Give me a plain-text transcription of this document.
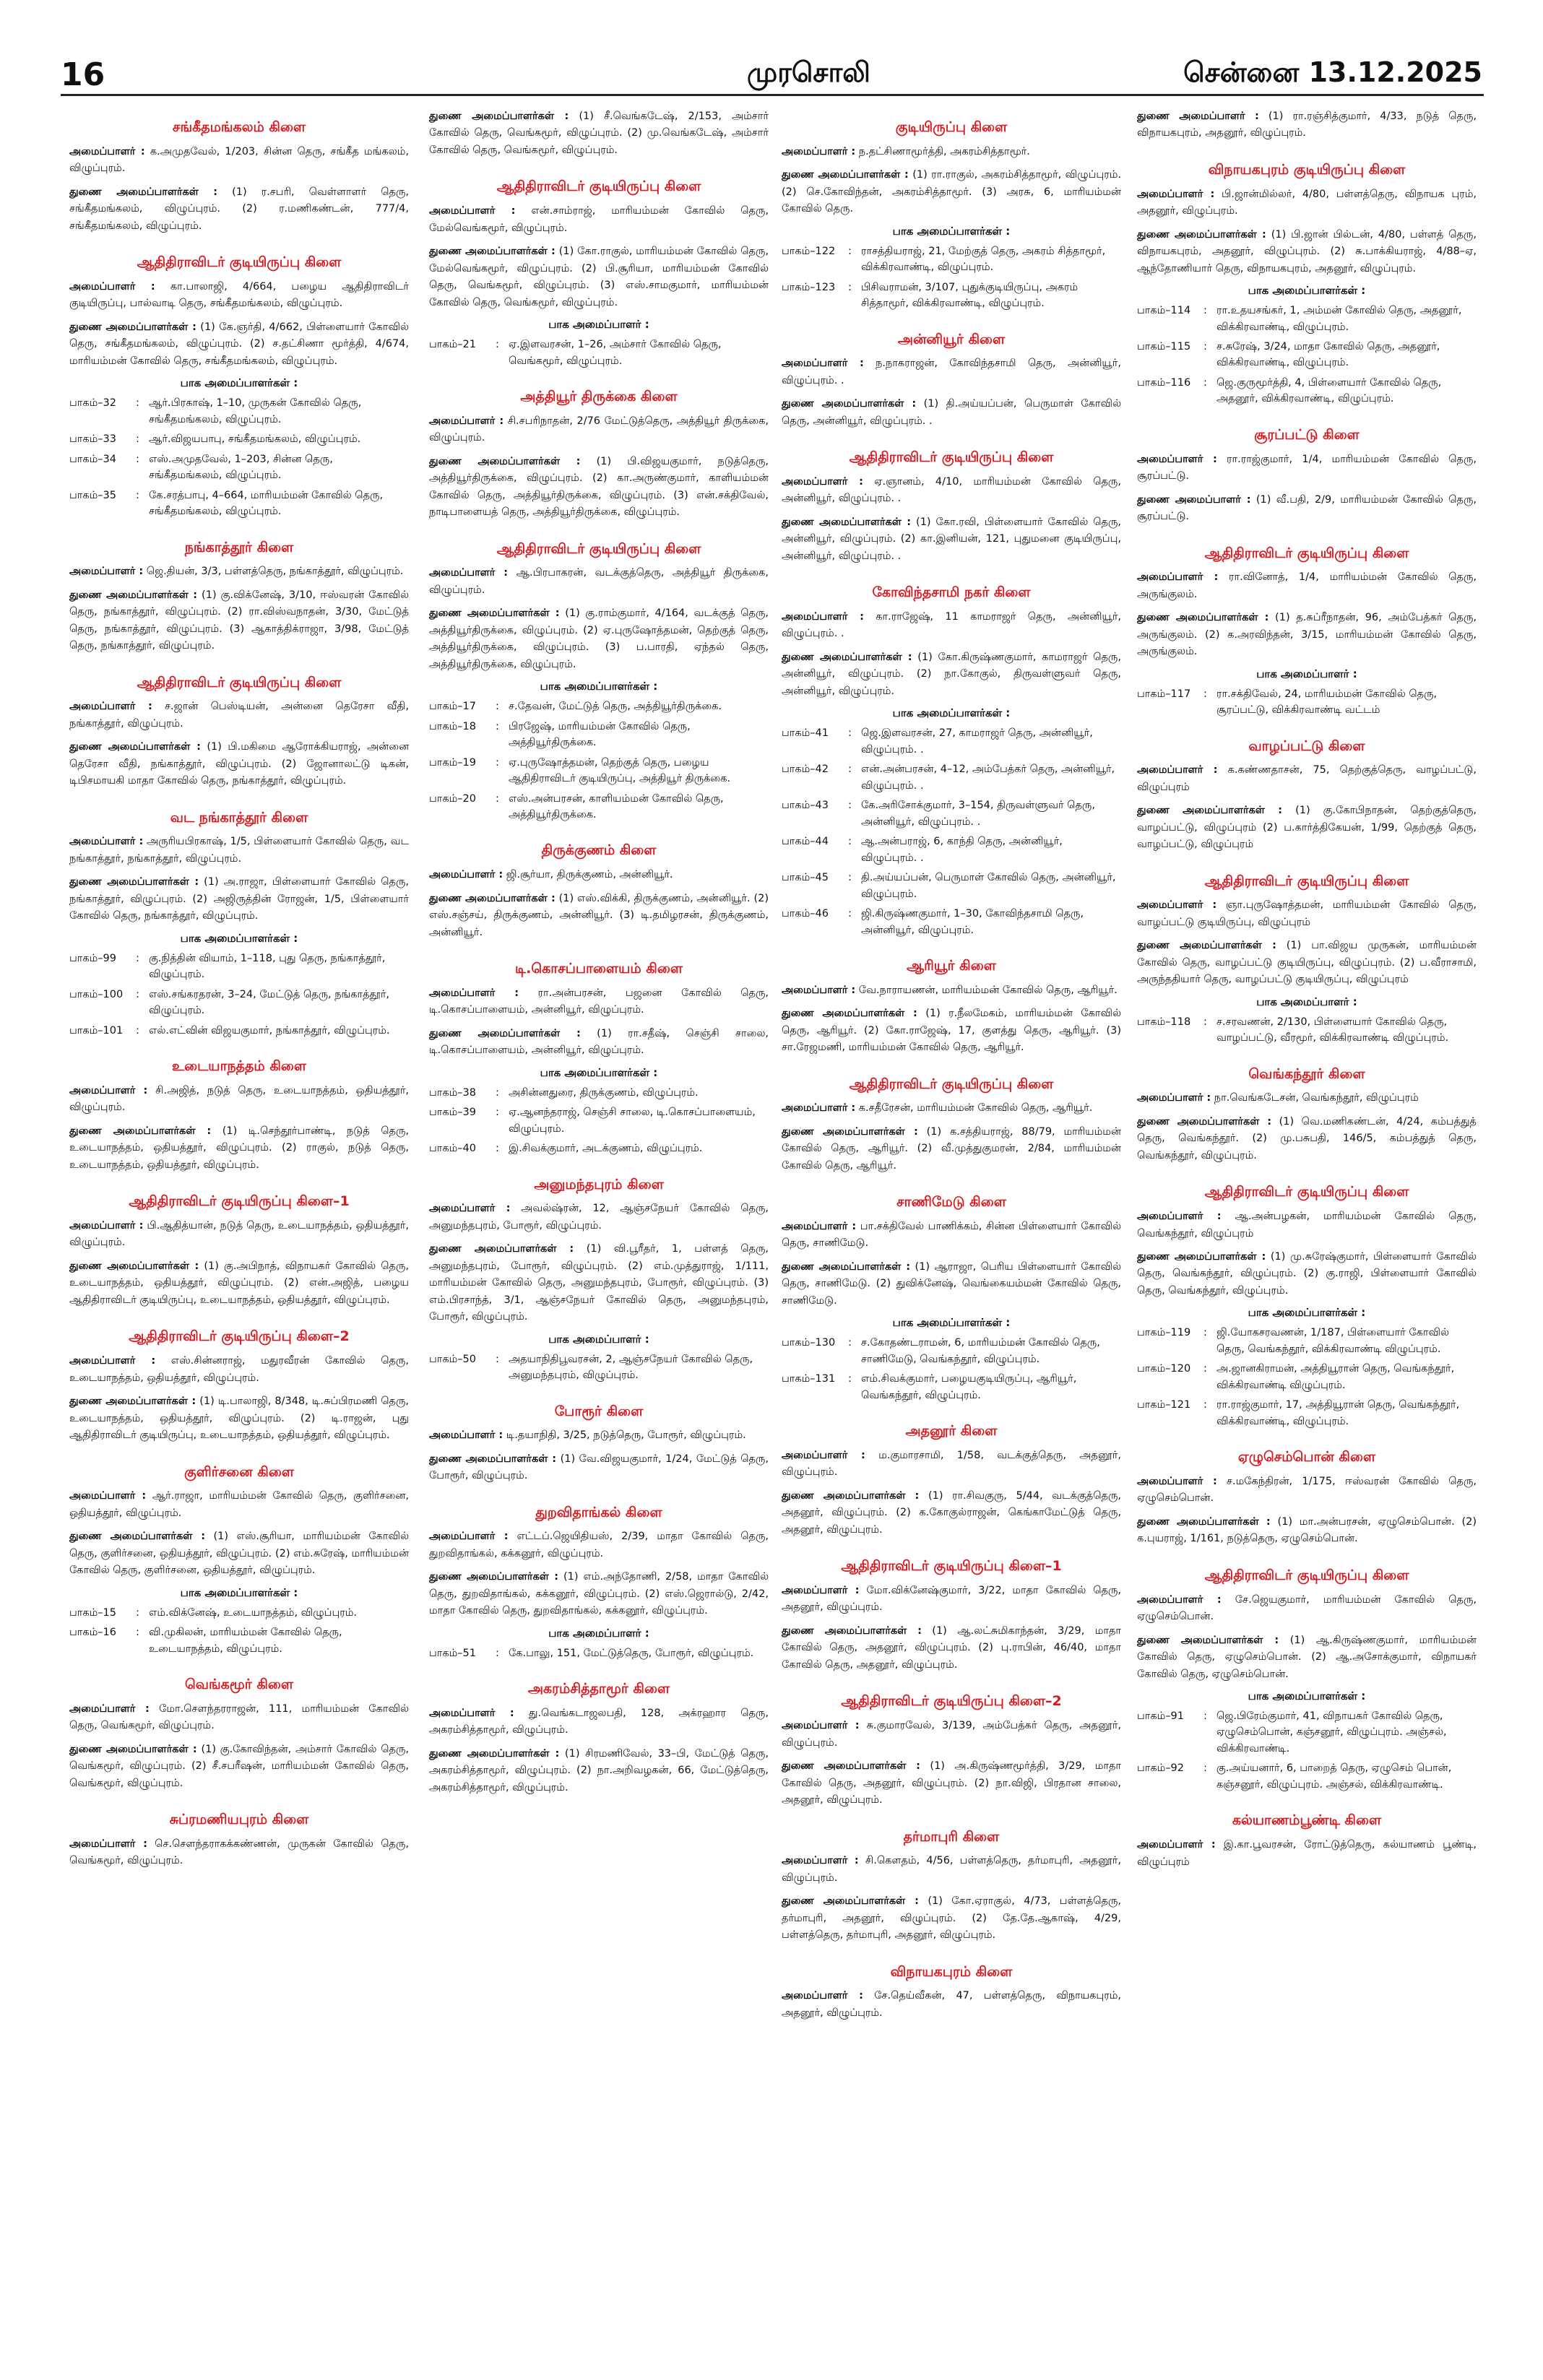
16	முரசொலி	சென்னை 13.12.2025
சங்கீதமங்கலம் கிளை

அமைப்பாளர் : க.அமுதவேல், 1/203, சின்ன தெரு, சங்கீத மங்கலம், விழுப்புரம்.

துணை அமைப்பாளர்கள் : (1) ர.சபரி, வெள்ளாளர் தெரு, சங்கீதமங்கலம், விழுப்புரம். (2) ர.மணிகண்டன், 777/4, சங்கீதமங்கலம், விழுப்புரம்.

ஆதிதிராவிடர் குடியிருப்பு கிளை

அமைப்பாளர் : கா.பாலாஜி, 4/664, பழைய ஆதிதிராவிடர் குடியிருப்பு, பால்வாடி தெரு, சங்கீதமங்கலம், விழுப்புரம்.

துணை அமைப்பாளர்கள் : (1) கே.ஞர்தி, 4/662, பிள்ளையார் கோவில் தெரு, சங்கீதமங்கலம், விழுப்புரம். (2) ச.தட்சிணா மூர்த்தி, 4/674, மாரியம்மன் கோவில் தெரு, சங்கீதமங்கலம், விழுப்புரம்.

பாக அமைப்பாளர்கள் :
பாகம்–32	: ஆர்.பிரகாஷ், 1–10, முருகன் கோவில் தெரு, சங்கீதமங்கலம், விழுப்புரம்.
பாகம்–33	: ஆர்.விஜயபாபு, சங்கீதமங்கலம், விழுப்புரம்.
பாகம்–34	: எஸ்.அமுதவேல், 1–203, சின்ன தெரு, சங்கீதமங்கலம், விழுப்புரம்.
பாகம்–35	: கே.சரத்பாபு, 4–664, மாரியம்மன் கோவில் தெரு, சங்கீதமங்கலம், விழுப்புரம்.
நங்காத்தூர் கிளை

அமைப்பாளர் : ஜெ.தியன், 3/3, பள்ளத்தெரு, நங்காத்தூர், விழுப்புரம்.

துணை அமைப்பாளர்கள் : (1) கு.விக்னேஷ், 3/10, ஈஸ்வரன் கோவில் தெரு, நங்காத்தூர், விழுப்புரம். (2) ரா.விஸ்வநாதன், 3/30, மேட்டுத் தெரு, நங்காத்தூர், விழுப்புரம். (3) ஆகாத்திக்ராஜா, 3/98, மேட்டுத் தெரு, நங்காத்தூர், விழுப்புரம்.

ஆதிதிராவிடர் குடியிருப்பு கிளை

அமைப்பாளர் : ச.ஜான் பெஸ்டியன், அன்னை தெரேசா வீதி, நங்காத்தூர், விழுப்புரம்.

துணை அமைப்பாளர்கள் : (1) பி.மகிமை ஆரோக்கியராஜ், அன்னை தெரேசா வீதி, நங்காத்தூர், விழுப்புரம். (2) ஜோனாலட்டு டிகன், டிபிசமாயகி மாதா கோவில் தெரு, நங்காத்தூர், விழுப்புரம்.

வட நங்காத்தூர் கிளை

அமைப்பாளர் : அருரியபிரகாஷ், 1/5, பிள்ளையார் கோவில் தெரு, வட நங்காத்தூர், நங்காத்தூர், விழுப்புரம்.

துணை அமைப்பாளர்கள் : (1) அ.ராஜா, பிள்ளையார் கோவில் தெரு, நங்காத்தூர், விழுப்புரம். (2) அஜிருத்தின் ரோஜன், 1/5, பிள்ளையார் கோவில் தெரு, நங்காத்தூர், விழுப்புரம்.

பாக அமைப்பாளர்கள் :
பாகம்–99	: கு.நித்தின் வியாம், 1–118, புது தெரு, நங்காத்தூர், விழுப்புரம்.
பாகம்–100	: எஸ்.சங்கரதரன், 3–24, மேட்டுத் தெரு, நங்காத்தூர், விழுப்புரம்.
பாகம்–101	: எல்.எட்வின் விஜயகுமார், நங்காத்தூர், விழுப்புரம்.
உடையாநத்தம் கிளை

அமைப்பாளர் : சி.அஜித், நடுத் தெரு, உடையாநத்தம், ஒதியத்தூர், விழுப்புரம்.

துணை அமைப்பாளர்கள் : (1) டி.செந்தூர்பாண்டி, நடுத் தெரு, உடையாநத்தம், ஒதியத்தூர், விழுப்புரம். (2) ராகுல், நடுத் தெரு, உடையாநத்தம், ஒதியத்தூர், விழுப்புரம்.

ஆதிதிராவிடர் குடியிருப்பு கிளை–1

அமைப்பாளர் : பி.ஆதித்யான், நடுத் தெரு, உடையாநத்தம், ஒதியத்தூர், விழுப்புரம்.

துணை அமைப்பாளர்கள் : (1) கு.அபிநாத், விநாயகர் கோவில் தெரு, உடையாநத்தம், ஒதியத்தூர், விழுப்புரம். (2) என்.அஜித், பழைய ஆதிதிராவிடர் குடியிருப்பு, உடையாநத்தம், ஒதியத்தூர், விழுப்புரம்.

ஆதிதிராவிடர் குடியிருப்பு கிளை–2

அமைப்பாளர் : எஸ்.சின்னராஜ், மதுரவீரன் கோவில் தெரு, உடையாநத்தம், ஒதியத்தூர், விழுப்புரம்.

துணை அமைப்பாளர்கள் : (1) டி.பாலாஜி, 8/348, டி.சுப்பிரமணி தெரு, உடையாநத்தம், ஒதியத்தூர், விழுப்புரம். (2) டி.ராஜன், புது ஆதிதிராவிடர் குடியிருப்பு, உடையாநத்தம், ஒதியத்தூர், விழுப்புரம்.

குளிர்சனை கிளை

அமைப்பாளர் : ஆர்.ராஜா, மாரியம்மன் கோவில் தெரு, குளிர்சனை, ஒதியத்தூர், விழுப்புரம்.

துணை அமைப்பாளர்கள் : (1) எஸ்.சூரியா, மாரியம்மன் கோவில் தெரு, குளிர்சனை, ஒதியத்தூர், விழுப்புரம். (2) எம்.சுரேஷ், மாரியம்மன் கோவில் தெரு, குளிர்சனை, ஒதியத்தூர், விழுப்புரம்.

பாக அமைப்பாளர்கள் :
பாகம்–15	: எம்.விக்னேஷ், உடையாநத்தம், விழுப்புரம்.
பாகம்–16	: வி.முகிலன், மாரியம்மன் கோவில் தெரு, உடையாநத்தம், விழுப்புரம்.
வெங்கமூர் கிளை

அமைப்பாளர் : மோ.சௌந்தரராஜன், 111, மாரியம்மன் கோவில் தெரு, வெங்கமூர், விழுப்புரம்.

துணை அமைப்பாளர்கள் : (1) கு.கோவிந்தன், அம்சார் கோவில் தெரு, வெங்கமூர், விழுப்புரம். (2) சீ.சபரீஷன், மாரியம்மன் கோவில் தெரு, வெங்கமூர், விழுப்புரம்.

சுப்ரமணியபுரம் கிளை

அமைப்பாளர் : செ.சௌந்தராகக்கண்ணன், முருகன் கோவில் தெரு, வெங்கமூர், விழுப்புரம்.

துணை அமைப்பாளர்கள் : (1) சீ.வெங்கடேஷ், 2/153, அம்சார் கோவில் தெரு, வெங்கமூர், விழுப்புரம். (2) மு.வெங்கடேஷ், அம்சார் கோவில் தெரு, வெங்கமூர், விழுப்புரம்.

ஆதிதிராவிடர் குடியிருப்பு கிளை

அமைப்பாளர் : என்.சாம்ராஜ், மாரியம்மன் கோவில் தெரு, மேல்வெங்கமூர், விழுப்புரம்.

துணை அமைப்பாளர்கள் : (1) கோ.ராகுல், மாரியம்மன் கோவில் தெரு, மேல்வெங்கமூர், விழுப்புரம். (2) பி.சூரியா, மாரியம்மன் கோவில் தெரு, வெங்கமூர், விழுப்புரம். (3) எஸ்.சாமகுமார், மாரியம்மன் கோவில் தெரு, வெங்கமூர், விழுப்புரம்.

பாக அமைப்பாளர் :
பாகம்–21	: ஏ.இளவரசன், 1–26, அம்சார் கோவில் தெரு, வெங்கமூர், விழுப்புரம்.
அத்தியூர் திருக்கை கிளை

அமைப்பாளர் : சி.சபரிநாதன், 2/76 மேட்டுத்தெரு, அத்தியூர் திருக்கை, விழுப்புரம்.

துணை அமைப்பாளர்கள் : (1) பி.விஜயகுமார், நடுத்தெரு, அத்தியூர்திருக்கை, விழுப்புரம். (2) கா.அருண்குமார், காளியம்மன் கோவில் தெரு, அத்தியூர்திருக்கை, விழுப்புரம். (3) என்.சக்திவேல், நாடிபாளையத் தெரு, அத்தியூர்திருக்கை, விழுப்புரம்.

ஆதிதிராவிடர் குடியிருப்பு கிளை

அமைப்பாளர் : ஆ.பிரபாகரன், வடக்குத்தெரு, அத்தியூர் திருக்கை, விழுப்புரம்.

துணை அமைப்பாளர்கள் : (1) கு.ராம்குமார், 4/164, வடக்குத் தெரு, அத்தியூர்திருக்கை, விழுப்புரம். (2) ஏ.புருஷோத்தமன், தெற்குத் தெரு, அத்தியூர்திருக்கை, விழுப்புரம். (3) ப.பாரதி, ஏந்தல் தெரு, அத்தியூர்திருக்கை, விழுப்புரம்.

பாக அமைப்பாளர்கள் :
பாகம்–17	: ச.தேவன், மேட்டுத் தெரு, அத்தியூர்திருக்கை.
பாகம்–18	: பிரஜேஷ், மாரியம்மன் கோவில் தெரு, அத்தியூர்திருக்கை.
பாகம்–19	: ஏ.புருஷோத்தமன், தெற்குத் தெரு, பழைய ஆதிதிராவிடர் குடியிருப்பு, அத்தியூர் திருக்கை.
பாகம்–20	: எஸ்.அன்பரசன், காளியம்மன் கோவில் தெரு, அத்தியூர்திருக்கை.
திருக்குணம் கிளை

அமைப்பாளர் : ஜி.சூர்யா, திருக்குணம், அன்னியூர்.

துணை அமைப்பாளர்கள் : (1) எஸ்.விக்கி, திருக்குணம், அன்னியூர். (2) எஸ்.சஞ்சய், திருக்குணம், அன்னியூர். (3) டி.தமிழரசன், திருக்குணம், அன்னியூர்.

டி.கொசப்பாளையம் கிளை

அமைப்பாளர் : ரா.அன்பரசன், பஜனை கோவில் தெரு, டி.கொசப்பாளையம், அன்னியூர், விழுப்புரம்.

துணை அமைப்பாளர்கள் : (1) ரா.சதீஷ், செஞ்சி சாலை, டி.கொசப்பாளையம், அன்னியூர், விழுப்புரம்.

பாக அமைப்பாளர்கள் :
பாகம்–38	: அசின்னதுரை, திருக்குணம், விழுப்புரம்.
பாகம்–39	: ஏ.ஆனந்தராஜ், செஞ்சி சாலை, டி.கொசப்பாளையம், விழுப்புரம்.
பாகம்–40	: இ.சிவக்குமார், அடக்குணம், விழுப்புரம்.
அனுமந்தபுரம் கிளை

அமைப்பாளர் : அவல்ஷ்ரன், 12, ஆஞ்சநேயர் கோவில் தெரு, அனுமந்தபுரம், போரூர், விழுப்புரம்.

துணை அமைப்பாளர்கள் : (1) வி.பூரீதர், 1, பள்ளத் தெரு, அனுமந்தபுரம், போரூர், விழுப்புரம். (2) எம்.முத்துராஜ், 1/111, மாரியம்மன் கோவில் தெரு, அனுமந்தபுரம், போரூர், விழுப்புரம். (3) எம்.பிரசாந்த், 3/1, ஆஞ்சநேயர் கோவில் தெரு, அனுமந்தபுரம், போரூர், விழுப்புரம்.

பாக அமைப்பாளர் :
பாகம்–50	: அதயாநிதிபூவரசன், 2, ஆஞ்சநேயர் கோவில் தெரு, அனுமந்தபுரம், விழுப்புரம்.
போரூர் கிளை

அமைப்பாளர் : டி.தயாநிதி, 3/25, நடுத்தெரு, போரூர், விழுப்புரம்.

துணை அமைப்பாளர்கள் : (1) வே.விஜயகுமார், 1/24, மேட்டுத் தெரு, போரூர், விழுப்புரம்.

துறவிதாங்கல் கிளை

அமைப்பாளர் : எட்டப்.ஜெயிதியஸ், 2/39, மாதா கோவில் தெரு, துறவிதாங்கல், கக்கனூர், விழுப்புரம்.

துணை அமைப்பாளர்கள் : (1) எம்.அந்தோணி, 2/58, மாதா கோவில் தெரு, துறவிதாங்கல், கக்கனூர், விழுப்புரம். (2) எஸ்.ஜெரால்டு, 2/42, மாதா கோவில் தெரு, துறவிதாங்கல், கக்கனூர், விழுப்புரம்.

பாக அமைப்பாளர் :
பாகம்–51	: கே.பாலு, 151, மேட்டுத்தெரு, போரூர், விழுப்புரம்.
அகரம்சித்தாமூர் கிளை

அமைப்பாளர் : து.வெங்கடாஜலபதி, 128, அக்ரஹார தெரு, அகரம்சித்தாமூர், விழுப்புரம்.

துணை அமைப்பாளர்கள் : (1) சிரமணிவேல், 33–பி, மேட்டுத் தெரு, அகரம்சித்தாமூர், விழுப்புரம். (2) நா.அறிவழகன், 66, மேட்டுத்தெரு, அகரம்சித்தாமூர், விழுப்புரம்.

குடியிருப்பு கிளை

அமைப்பாளர் : ந.தட்சிணாமூர்த்தி, அகரம்சித்தாமூர்.

துணை அமைப்பாளர்கள் : (1) ரா.ராகுல், அகரம்சித்தாமூர், விழுப்புரம். (2) செ.கோவிந்தன், அகரம்சித்தாமூர். (3) அரசு, 6, மாரியம்மன் கோவில் தெரு.

பாக அமைப்பாளர்கள் :
பாகம்–122	: ராசத்தியராஜ், 21, மேற்குத் தெரு, அகரம் சித்தாமூர், விக்கிரவாண்டி, விழுப்புரம்.
பாகம்–123	: பிசிவராமன், 3/107, புதுக்குடியிருப்பு, அகரம் சித்தாமூர், விக்கிரவாண்டி, விழுப்புரம்.
அன்னியூர் கிளை

அமைப்பாளர் : ந.நாகராஜன், கோவிந்தசாமி தெரு, அன்னியூர், விழுப்புரம். .

துணை அமைப்பாளர்கள் : (1) தி.அய்யப்பன், பெருமாள் கோவில் தெரு, அன்னியூர், விழுப்புரம். .

ஆதிதிராவிடர் குடியிருப்பு கிளை

அமைப்பாளர் : ஏ.ஞானம், 4/10, மாரியம்மன் கோவில் தெரு, அன்னியூர், விழுப்புரம். .

துணை அமைப்பாளர்கள் : (1) கோ.ரவி, பிள்ளையார் கோவில் தெரு, அன்னியூர், விழுப்புரம். (2) கா.இனியன், 121, புதுமனை குடியிருப்பு, அன்னியூர், விழுப்புரம். .

கோவிந்தசாமி நகர் கிளை

அமைப்பாளர் : கா.ராஜேஷ், 11 காமராஜர் தெரு, அன்னியூர், விழுப்புரம். .

துணை அமைப்பாளர்கள் : (1) கோ.கிருஷ்ணகுமார், காமராஜர் தெரு, அன்னியூர், விழுப்புரம். (2) நா.கோகுல், திருவள்ளுவர் தெரு, அன்னியூர், விழுப்புரம்.

பாக அமைப்பாளர்கள் :
பாகம்–41	: ஜெ.இளவரசன், 27, காமராஜர் தெரு, அன்னியூர், விழுப்புரம். .
பாகம்–42	: என்.அன்பரசன், 4–12, அம்பேத்கர் தெரு, அன்னியூர், விழுப்புரம். .
பாகம்–43	: கே.அரிசோக்குமார், 3–154, திருவள்ளுவர் தெரு, அன்னியூர், விழுப்புரம். .
பாகம்–44	: ஆ.அன்பராஜ், 6, காந்தி தெரு, அன்னியூர், விழுப்புரம். .
பாகம்–45	: தி.அய்யப்பன், பெருமாள் கோவில் தெரு, அன்னியூர், விழுப்புரம்.
பாகம்–46	: ஜி.கிருஷ்ணகுமார், 1–30, கோவிந்தசாமி தெரு, அன்னியூர், விழுப்புரம்.
ஆரியூர் கிளை

அமைப்பாளர் : வே.நாராயணன், மாரியம்மன் கோவில் தெரு, ஆரியூர்.

துணை அமைப்பாளர்கள் : (1) ர.நீலமேகம், மாரியம்மன் கோவில் தெரு, ஆரியூர். (2) கோ.ராஜேஷ், 17, குளத்து தெரு, ஆரியூர். (3) சா.ரேஜமணி, மாரியம்மன் கோவில் தெரு, ஆரியூர்.

ஆதிதிராவிடர் குடியிருப்பு கிளை

அமைப்பாளர் : க.சதீரேசன், மாரியம்மன் கோவில் தெரு, ஆரியூர்.

துணை அமைப்பாளர்கள் : (1) க.சத்தியராஜ், 88/79, மாரியம்மன் கோவில் தெரு, ஆரியூர். (2) வீ.முத்துகுமரன், 2/84, மாரியம்மன் கோவில் தெரு, ஆரியூர்.

சாணிமேடு கிளை

அமைப்பாளர் : பா.சக்திவேல் பாணிக்கம், சின்ன பிள்ளையார் கோவில் தெரு, சாணிமேடு.

துணை அமைப்பாளர்கள் : (1) ஆராஜா, பெரிய பிள்ளையார் கோவில் தெரு, சாணிமேடு. (2) துவிக்னேஷ், வெங்கையம்மன் கோவில் தெரு, சாணிமேடு.

பாக அமைப்பாளர்கள் :
பாகம்–130	: ச.கோதண்டராமன், 6, மாரியம்மன் கோவில் தெரு, சாணிமேடு, வெங்கந்தூர், விழுப்புரம்.
பாகம்–131	: எம்.சிவக்குமார், பழையகுடியிருப்பு, ஆரியூர், வெங்கந்தூர், விழுப்புரம்.
அதனூர் கிளை

அமைப்பாளர் : ம.குமாரசாமி, 1/58, வடக்குத்தெரு, அதனூர், விழுப்புரம்.

துணை அமைப்பாளர்கள் : (1) ரா.சிவகுரு, 5/44, வடக்குத்தெரு, அதனூர், விழுப்புரம். (2) க.கோகுல்ராஜன், கெங்காமேட்டுத் தெரு, அதனூர், விழுப்புரம்.

ஆதிதிராவிடர் குடியிருப்பு கிளை–1

அமைப்பாளர் : மோ.விக்னேஷ்குமார், 3/22, மாதா கோவில் தெரு, அதனூர், விழுப்புரம்.

துணை அமைப்பாளர்கள் : (1) ஆ.லட்சுமிகாந்தன், 3/29, மாதா கோவில் தெரு, அதனூர், விழுப்புரம். (2) பு.ராபின், 46/40, மாதா கோவில் தெரு, அதனூர், விழுப்புரம்.

ஆதிதிராவிடர் குடியிருப்பு கிளை–2

அமைப்பாளர் : சு.குமாரவேல், 3/139, அம்பேத்கர் தெரு, அதனூர், விழுப்புரம்.

துணை அமைப்பாளர்கள் : (1) அ.கிருஷ்ணமூர்த்தி, 3/29, மாதா கோவில் தெரு, அதனூர், விழுப்புரம். (2) நா.விஜி, பிரதான சாலை, அதனூர், விழுப்புரம்.

தர்மாபுரி கிளை

அமைப்பாளர் : சி.கௌதம், 4/56, பள்ளத்தெரு, தர்மாபுரி, அதனூர், விழுப்புரம்.

துணை அமைப்பாளர்கள் : (1) கோ.ஏராகுல், 4/73, பள்ளத்தெரு, தர்மாபுரி, அதனூர், விழுப்புரம். (2) தே.தே.ஆகாஷ், 4/29, பள்ளத்தெரு, தர்மாபுரி, அதனூர், விழுப்புரம்.

விநாயகபுரம் கிளை

அமைப்பாளர் : சே.தெய்வீகன், 47, பள்ளத்தெரு, விநாயகபுரம், அதனூர், விழுப்புரம்.

துணை அமைப்பாளர் : (1) ரா.ரஞ்சித்குமார், 4/33, நடுத் தெரு, விநாயகபுரம், அதனூர், விழுப்புரம்.

விநாயகபுரம் குடியிருப்பு கிளை

அமைப்பாளர் : பி.ஜான்மில்லர், 4/80, பள்ளத்தெரு, விநாயக புரம், அதனூர், விழுப்புரம்.

துணை அமைப்பாளர்கள் : (1) பி.ஜான் பில்டன், 4/80, பள்ளத் தெரு, விநாயகபுரம், அதனூர், விழுப்புரம். (2) சு.பாக்கியராஜ், 4/88–ஏ, ஆந்தோணியார் தெரு, விநாயகபுரம், அதனூர், விழுப்புரம்.

பாக அமைப்பாளர்கள் :
பாகம்–114	: ரா.உதயசங்கர், 1, அம்மன் கோவில் தெரு, அதனூர், விக்கிரவாண்டி, விழுப்புரம்.
பாகம்–115	: ச.சுரேஷ், 3/24, மாதா கோவில் தெரு, அதனூர், விக்கிரவாண்டி, விழுப்புரம்.
பாகம்–116	: ஜெ.குருமூர்த்தி, 4, பிள்ளையார் கோவில் தெரு, அதனூர், விக்கிரவாண்டி, விழுப்புரம்.
சூரப்பட்டு கிளை

அமைப்பாளர் : ரா.ராஜ்குமார், 1/4, மாரியம்மன் கோவில் தெரு, சூரப்பட்டு.

துணை அமைப்பாளர் : (1) வீ.பதி, 2/9, மாரியம்மன் கோவில் தெரு, சூரப்பட்டு.

ஆதிதிராவிடர் குடியிருப்பு கிளை

அமைப்பாளர் : ரா.வினோத், 1/4, மாரியம்மன் கோவில் தெரு, அருங்குலம்.

துணை அமைப்பாளர்கள் : (1) த.சுப்ரீநாதன், 96, அம்பேத்கர் தெரு, அருங்குலம். (2) க.அரவிந்தன், 3/15, மாரியம்மன் கோவில் தெரு, அருங்குலம்.

பாக அமைப்பாளர் :
பாகம்–117	: ரா.சக்திவேல், 24, மாரியம்மன் கோவில் தெரு, சூரப்பட்டு, விக்கிரவாண்டி வட்டம்
வாழப்பட்டு கிளை

அமைப்பாளர் : க.கண்ணதாசன், 75, தெற்குத்தெரு, வாழப்பட்டு, விழுப்புரம்

துணை அமைப்பாளர்கள் : (1) கு.கோபிநாதன், தெற்குத்தெரு, வாழப்பட்டு, விழுப்புரம் (2) ப.கார்த்திகேயன், 1/99, தெற்குத் தெரு, வாழப்பட்டு, விழுப்புரம்

ஆதிதிராவிடர் குடியிருப்பு கிளை

அமைப்பாளர் : ஞா.புருஷோத்தமன், மாரியம்மன் கோவில் தெரு, வாழப்பட்டு குடியிருப்பு, விழுப்புரம்

துணை அமைப்பாளர்கள் : (1) பா.விஜய முருகன், மாரியம்மன் கோவில் தெரு, வாழப்பட்டு குடியிருப்பு, விழுப்புரம். (2) ப.வீராசாமி, அருந்ததியார் தெரு, வாழப்பட்டு குடியிருப்பு, விழுப்புரம்

பாக அமைப்பாளர் :
பாகம்–118	: ச.சரவணன், 2/130, பிள்ளையார் கோவில் தெரு, வாழப்பட்டு, வீரமூர், விக்கிரவாண்டி விழுப்புரம்.
வெங்கந்தூர் கிளை

அமைப்பாளர் : நா.வெங்கடேசன், வெங்கந்தூர், விழுப்புரம்

துணை அமைப்பாளர்கள் : (1) வெ.மணிகண்டன், 4/24, கம்பத்துத் தெரு, வெங்கந்தூர். (2) மு.பசுபதி, 146/5, கம்பத்துத் தெரு, வெங்கந்தூர், விழுப்புரம்.

ஆதிதிராவிடர் குடியிருப்பு கிளை

அமைப்பாளர் : ஆ.அன்பழகன், மாரியம்மன் கோவில் தெரு, வெங்கந்தூர், விழுப்புரம்

துணை அமைப்பாளர்கள் : (1) மு.சுரேஷ்குமார், பிள்ளையார் கோவில் தெரு, வெங்கந்தூர், விழுப்புரம். (2) கு.ராஜி, பிள்ளையார் கோவில் தெரு, வெங்கந்தூர், விழுப்புரம்.

பாக அமைப்பாளர்கள் :
பாகம்–119	: ஜி.யோகசரவணன், 1/187, பிள்ளையார் கோவில் தெரு, வெங்கந்தூர், விக்கிரவாண்டி விழுப்புரம்.
பாகம்–120	: அ.ஜானகிராமன், அத்தியூரான் தெரு, வெங்கந்தூர், விக்கிரவாண்டி விழுப்புரம்.
பாகம்–121	: ரா.ராஜ்குமார், 17, அத்தியூரான் தெரு, வெங்கந்தூர், விக்கிரவாண்டி, விழுப்புரம்.
ஏழுசெம்பொன் கிளை

அமைப்பாளர் : ச.மகேந்திரன், 1/175, ஈஸ்வரன் கோவில் தெரு, ஏழுசெம்பொன்.

துணை அமைப்பாளர்கள் : (1) மா.அன்பரசன், ஏழுசெம்பொன். (2) க.புயராஜ், 1/161, நடுத்தெரு, ஏழுசெம்பொன்.

ஆதிதிராவிடர் குடியிருப்பு கிளை

அமைப்பாளர் : சே.ஜெயகுமார், மாரியம்மன் கோவில் தெரு, ஏழுசெம்பொன்.

துணை அமைப்பாளர்கள் : (1) ஆ.கிருஷ்ணகுமார், மாரியம்மன் கோவில் தெரு, ஏழுசெம்பொன். (2) ஆ.அசோக்குமார், விநாயகர் கோவில் தெரு, ஏழுசெம்பொன்.

பாக அமைப்பாளர்கள் :
பாகம்–91	: ஜெ.பிரேம்குமார், 41, விநாயகர் கோவில் தெரு, ஏழுசெம்பொன், கஞ்சனூர், விழுப்புரம். அஞ்சல், விக்கிரவாண்டி.
பாகம்–92	: கு.அய்யனார், 6, பாறைத் தெரு, ஏழுசெம் பொன், கஞ்சனூர், விழுப்புரம். அஞ்சல், விக்கிரவாண்டி.
கல்யாணம்பூண்டி கிளை

அமைப்பாளர் : இ.கா.பூவரசன், ரோட்டுத்தெரு, கல்யாணம் பூண்டி, விழுப்புரம்
